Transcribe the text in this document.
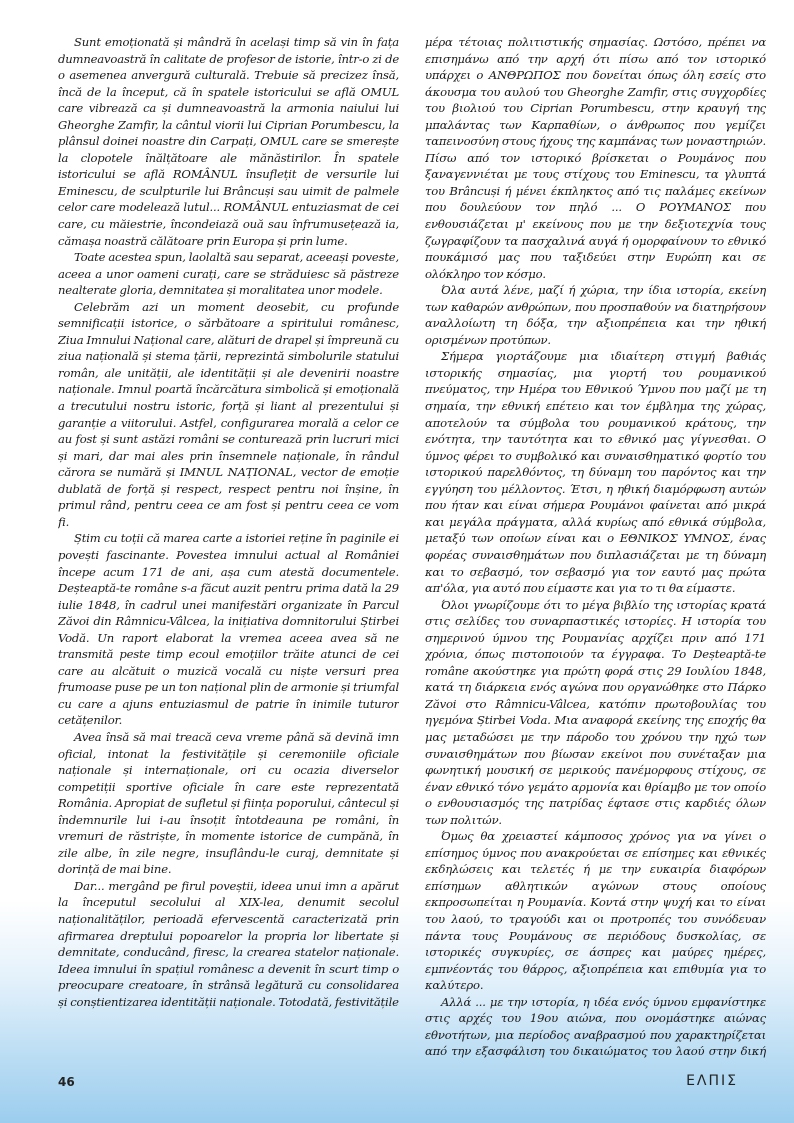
Sunt emoționată și mândră în același timp să vin în fața dumneavoastră în calitate de profesor de istorie, într-o zi de o asemenea anvergură culturală. Trebuie să precizez însă, încă de la început, că în spatele istoricului se află OMUL care vibrează ca și dumneavoastră la armonia naiului lui Gheorghe Zamfir, la cântul viorii lui Ciprian Porumbescu, la plânsul doinei noastre din Carpați, OMUL care se smerește la clopotele înălțătoare ale mănăstirilor. În spatele istoricului se află ROMÂNUL însuflețit de versurile lui Eminescu, de sculpturile lui Brâncuși sau uimit de palmele celor care modelează lutul... ROMÂNUL entuziasmat de cei care, cu măiestrie, încondeiază ouă sau înfrumusețează ia, cămașa noastră călătoare prin Europa și prin lume.

Toate acestea spun, laolaltă sau separat, aceeași poveste, aceea a unor oameni curați, care se străduiesc să păstreze nealterate gloria, demnitatea și moralitatea unor modele.

Celebrăm azi un moment deosebit, cu profunde semnificații istorice, o sărbătoare a spiritului românesc, Ziua Imnului Național care, alături de drapel și împreună cu ziua națională și stema țării, reprezintă simbolurile statului român, ale unității, ale identității și ale devenirii noastre naționale. Imnul poartă încărcătura simbolică și emoțională a trecutului nostru istoric, forță și liant al prezentului și garanție a viitorului. Astfel, configurarea morală a celor ce au fost și sunt astăzi români se conturează prin lucruri mici și mari, dar mai ales prin însemnele naționale, în rândul cărora se numără și IMNUL NAȚIONAL, vector de emoție dublată de forță și respect, respect pentru noi înșine, în primul rând, pentru ceea ce am fost și pentru ceea ce vom fi.

Știm cu toții că marea carte a istoriei reține în paginile ei povești fascinante. Povestea imnului actual al României începe acum 171 de ani, așa cum atestă documentele. Deșteaptă-te române s-a făcut auzit pentru prima dată la 29 iulie 1848, în cadrul unei manifestări organizate în Parcul Zăvoi din Râmnicu-Vâlcea, la inițiativa domnitorului Știrbei Vodă. Un raport elaborat la vremea aceea avea să ne transmită peste timp ecoul emoțiilor trăite atunci de cei care au alcătuit o muzică vocală cu niște versuri prea frumoase puse pe un ton național plin de armonie și triumfal cu care a ajuns entuziasmul de patrie în inimile tuturor cetățenilor.

Avea însă să mai treacă ceva vreme până să devină imn oficial, intonat la festivitățile și ceremoniile oficiale naționale și internaționale, ori cu ocazia diverselor competiții sportive oficiale în care este reprezentată România. Apropiat de sufletul și ființa poporului, cântecul și îndemnurile lui i-au însoțit întotdeauna pe români, în vremuri de răstriște, în momente istorice de cumpănă, în zile albe, în zile negre, insuflându-le curaj, demnitate și dorință de mai bine.

Dar... mergând pe firul poveștii, ideea unui imn a apărut la începutul secolului al XIX-lea, denumit secolul naționalităților, perioadă efervescentă caracterizată prin afirmarea dreptului popoarelor la propria lor libertate și demnitate, conducând, firesc, la crearea statelor naționale. Ideea imnului în spațiul românesc a devenit în scurt timp o preocupare creatoare, în strânsă legătură cu consolidarea și conștientizarea identității naționale. Totodată, festivitățile

μέρα τέτοιας πολιτιστικής σημασίας. Ωστόσο, πρέπει να επισημάνω από την αρχή ότι πίσω από τον ιστορικό υπάρχει ο ΑΝΘΡΩΠΟΣ που δονείται όπως όλη εσείς στο άκουσμα του αυλού του Gheorghe Zamfir, στις συγχορδίες του βιολιού του Ciprian Porumbescu, στην κραυγή της μπαλάντας των Καρπαθίων, ο άνθρωπος που γεμίζει ταπεινοσύνη στους ήχους της καμπάνας των μοναστηριών. Πίσω από τον ιστορικό βρίσκεται ο Ρουμάνος που ξαναγεννιέται με τους στίχους του Eminescu, τα γλυπτά του Brâncuși ή μένει έκπληκτος από τις παλάμες εκείνων που δουλεύουν τον πηλό ... Ο ΡΟΥΜΑΝΟΣ που ενθουσιάζεται μ' εκείνους που με την δεξιοτεχνία τους ζωγραφίζουν τα πασχαλινά αυγά ή ομορφαίνουν το εθνικό πουκάμισό μας που ταξιδεύει στην Ευρώπη και σε ολόκληρο τον κόσμο.

Όλα αυτά λένε, μαζί ή χώρια, την ίδια ιστορία, εκείνη των καθαρών ανθρώπων, που προσπαθούν να διατηρήσουν αναλλοίωτη τη δόξα, την αξιοπρέπεια και την ηθική ορισμένων προτύπων.

Σήμερα γιορτάζουμε μια ιδιαίτερη στιγμή βαθιάς ιστορικής σημασίας, μια γιορτή του ρουμανικού πνεύματος, την Ημέρα του Εθνικού Ύμνου που μαζί με τη σημαία, την εθνική επέτειο και τον έμβλημα της χώρας, αποτελούν τα σύμβολα του ρουμανικού κράτους, την ενότητα, την ταυτότητα και το εθνικό μας γίγνεσθαι. Ο ύμνος φέρει το συμβολικό και συναισθηματικό φορτίο του ιστορικού παρελθόντος, τη δύναμη του παρόντος και την εγγύηση του μέλλοντος. Έτσι, η ηθική διαμόρφωση αυτών που ήταν και είναι σήμερα Ρουμάνοι φαίνεται από μικρά και μεγάλα πράγματα, αλλά κυρίως από εθνικά σύμβολα, μεταξύ των οποίων είναι και ο ΕΘΝΙΚΟΣ ΥΜΝΟΣ, ένας φορέας συναισθημάτων που διπλασιάζεται με τη δύναμη και το σεβασμό, τον σεβασμό για τον εαυτό μας πρώτα απ'όλα, για αυτό που είμαστε και για το τι θα είμαστε.

Όλοι γνωρίζουμε ότι το μέγα βιβλίο της ιστορίας κρατά στις σελίδες του συναρπαστικές ιστορίες. Η ιστορία του σημερινού ύμνου της Ρουμανίας αρχίζει πριν από 171 χρόνια, όπως πιστοποιούν τα έγγραφα. Το Deșteaptă-te române ακούστηκε για πρώτη φορά στις 29 Ιουλίου 1848, κατά τη διάρκεια ενός αγώνα που οργανώθηκε στο Πάρκο Zăvoi στο Râmnicu-Vâlcea, κατόπιν πρωτοβουλίας του ηγεμόνα Știrbei Voda. Μια αναφορά εκείνης της εποχής θα μας μεταδώσει με την πάροδο του χρόνου την ηχώ των συναισθημάτων που βίωσαν εκείνοι που συνέταξαν μια φωνητική μουσική σε μερικούς πανέμορφους στίχους, σε έναν εθνικό τόνο γεμάτο αρμονία και θρίαμβο με τον οποίο ο ενθουσιασμός της πατρίδας έφτασε στις καρδιές όλων των πολιτών.

Όμως θα χρειαστεί κάμποσος χρόνος για να γίνει ο επίσημος ύμνος που ανακρούεται σε επίσημες και εθνικές εκδηλώσεις και τελετές ή με την ευκαιρία διαφόρων επίσημων αθλητικών αγώνων στους οποίους εκπροσωπείται η Ρουμανία. Κοντά στην ψυχή και το είναι του λαού, το τραγούδι και οι προτροπές του συνόδευαν πάντα τους Ρουμάνους σε περιόδους δυσκολίας, σε ιστορικές συγκυρίες, σε άσπρες και μαύρες ημέρες, εμπνέοντάς του θάρρος, αξιοπρέπεια και επιθυμία για το καλύτερο.

Αλλά ... με την ιστορία, η ιδέα ενός ύμνου εμφανίστηκε στις αρχές του 19ου αιώνα, που ονομάστηκε αιώνας εθνοτήτων, μια περίοδος αναβρασμού που χαρακτηρίζεται από την εξασφάλιση του δικαιώματος του λαού στην δική

46	ΕΛΠΙΣ
